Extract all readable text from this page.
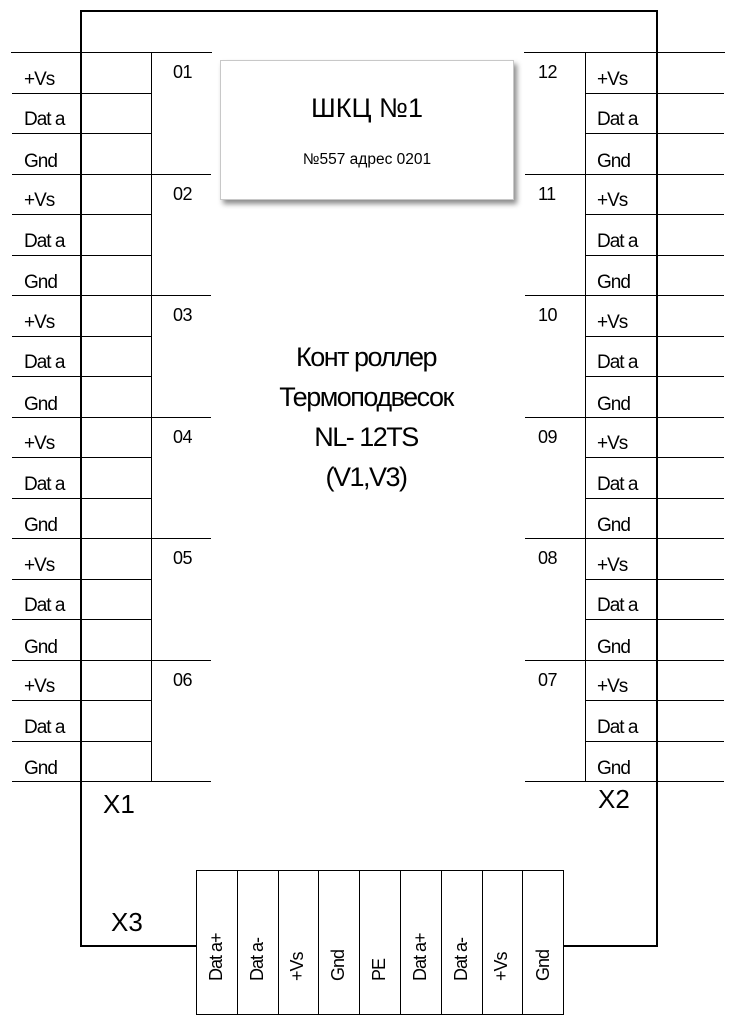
+Vs
Dat a
Gnd
01
+Vs
Dat a
Gnd
02
+Vs
Dat a
Gnd
03
+Vs
Dat a
Gnd
04
+Vs
Dat a
Gnd
05
+Vs
Dat a
Gnd
06
+Vs
Dat a
Gnd
12
+Vs
Dat a
Gnd
11
+Vs
Dat a
Gnd
10
+Vs
Dat a
Gnd
09
+Vs
Dat a
Gnd
08
+Vs
Dat a
Gnd
07
ШКЦ №1
№557 адрес 0201
Конт роллер
Термоподвесок
NL- 12TS
(V1,V3)
X1	X2
X3
Dat a+ Dat a- +Vs Gnd PE Dat a+ Dat a- +Vs Gnd
